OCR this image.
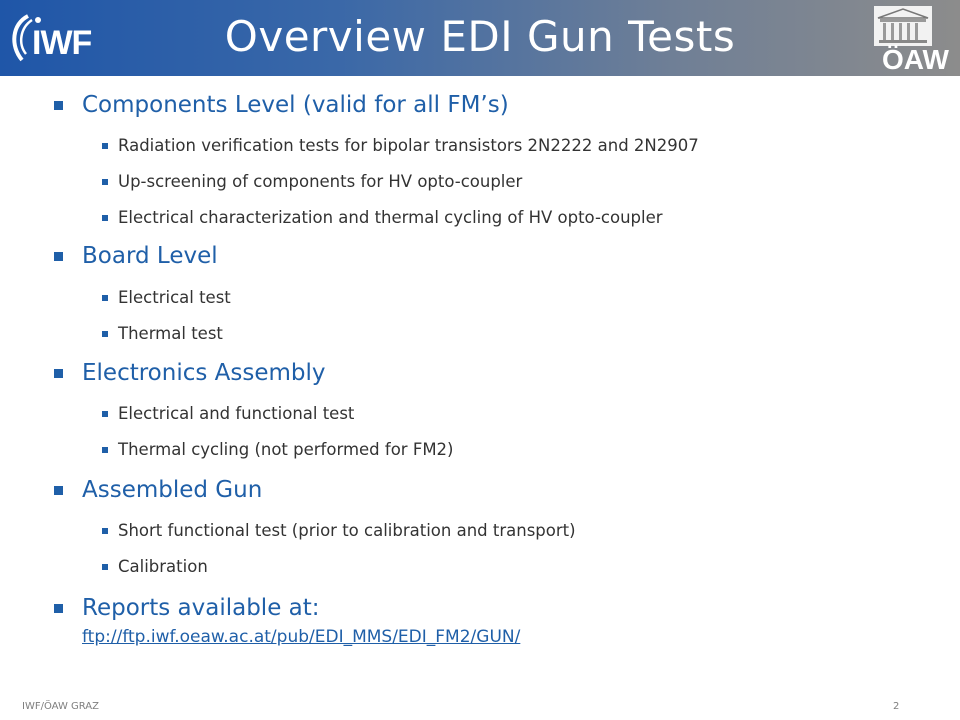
IWF	Overview EDI Gun Tests	ÖAW
Components Level (valid for all FM’s)
Radiation verification tests for bipolar transistors 2N2222 and 2N2907
Up-screening of components for HV opto-coupler
Electrical characterization and thermal cycling of HV opto-coupler
Board Level
Electrical test
Thermal test
Electronics Assembly
Electrical and functional test
Thermal cycling (not performed for FM2)
Assembled Gun
Short functional test (prior to calibration and transport)
Calibration
Reports available at:
ftp://ftp.iwf.oeaw.ac.at/pub/EDI_MMS/EDI_FM2/GUN/
IWF/ÖAW GRAZ	2
